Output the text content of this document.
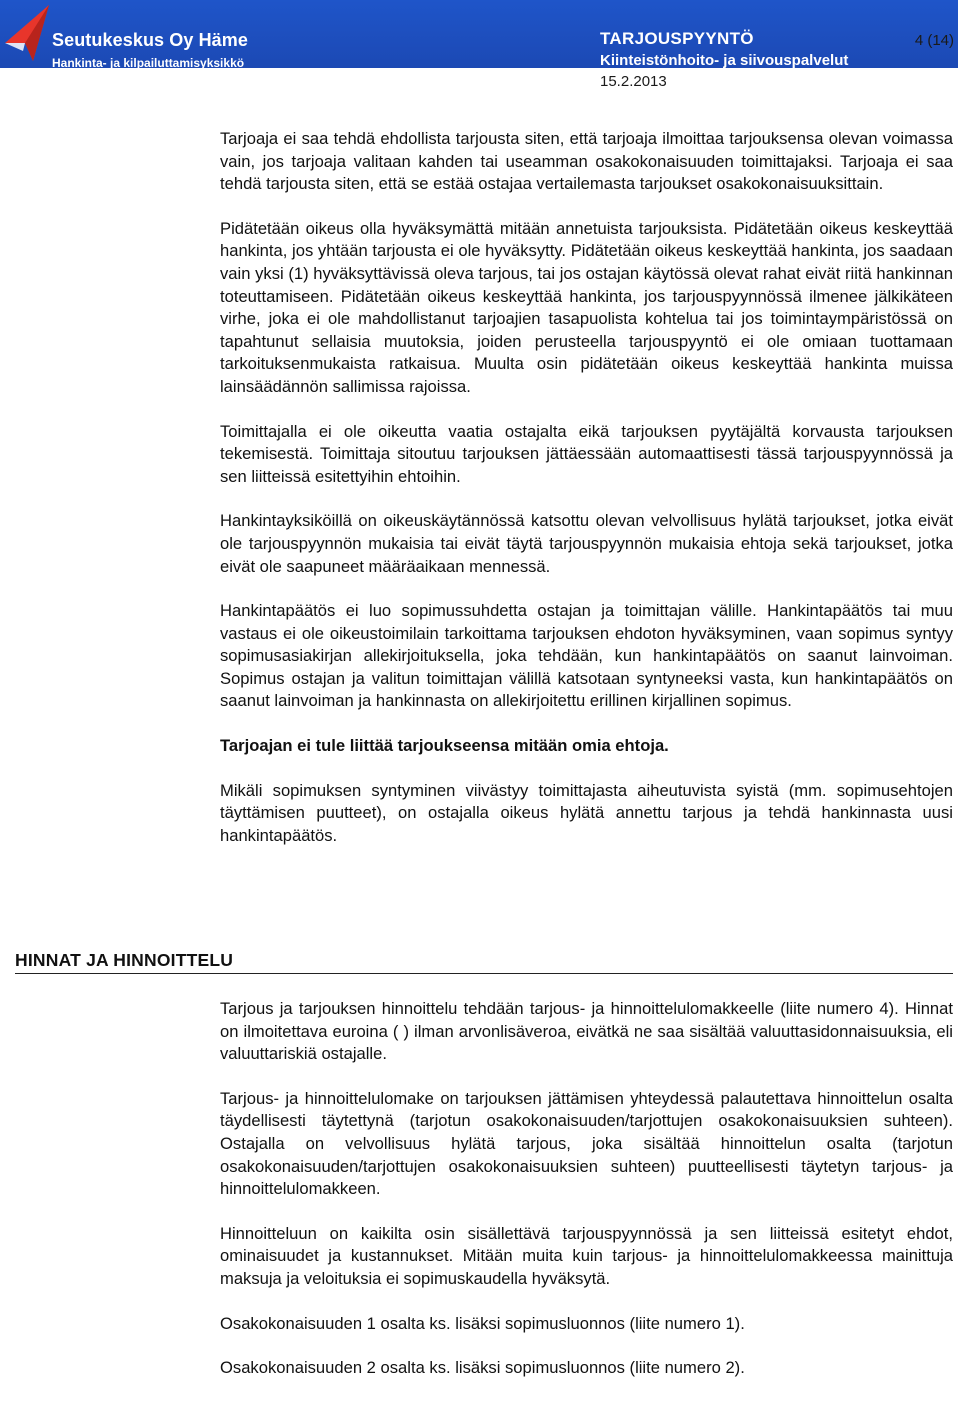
Seutukeskus Oy Häme
Hankinta- ja kilpailuttamisyksikkö
TARJOUSPYYNTÖ
Kiinteistönhoito- ja siivouspalvelut
15.2.2013
4 (14)

Tarjoaja ei saa tehdä ehdollista tarjousta siten, että tarjoaja ilmoittaa tarjouksensa olevan voimassa vain, jos tarjoaja valitaan kahden tai useamman osakokonaisuuden toimittajaksi. Tarjoaja ei saa tehdä tarjousta siten, että se estää ostajaa vertailemasta tarjoukset osakokonaisuuksittain.

Pidätetään oikeus olla hyväksymättä mitään annetuista tarjouksista. Pidätetään oikeus keskeyttää hankinta, jos yhtään tarjousta ei ole hyväksytty. Pidätetään oikeus keskeyttää hankinta, jos saadaan vain yksi (1) hyväksyttävissä oleva tarjous, tai jos ostajan käytössä olevat rahat eivät riitä hankinnan toteuttamiseen. Pidätetään oikeus keskeyttää hankinta, jos tarjouspyynnössä ilmenee jälkikäteen virhe, joka ei ole mahdollistanut tarjoajien tasapuolista kohtelua tai jos toimintaympäristössä on tapahtunut sellaisia muutoksia, joiden perusteella tarjouspyyntö ei ole omiaan tuottamaan tarkoituksenmukaista ratkaisua. Muulta osin pidätetään oikeus keskeyttää hankinta muissa lainsäädännön sallimissa rajoissa.

Toimittajalla ei ole oikeutta vaatia ostajalta eikä tarjouksen pyytäjältä korvausta tarjouksen tekemisestä. Toimittaja sitoutuu tarjouksen jättäessään automaattisesti tässä tarjouspyynnössä ja sen liitteissä esitettyihin ehtoihin.

Hankintayksiköillä on oikeuskäytännössä katsottu olevan velvollisuus hylätä tarjoukset, jotka eivät ole tarjouspyynnön mukaisia tai eivät täytä tarjouspyynnön mukaisia ehtoja sekä tarjoukset, jotka eivät ole saapuneet määräaikaan mennessä.

Hankintapäätös ei luo sopimussuhdetta ostajan ja toimittajan välille. Hankintapäätös tai muu vastaus ei ole oikeustoimilain tarkoittama tarjouksen ehdoton hyväksyminen, vaan sopimus syntyy sopimusasiakirjan allekirjoituksella, joka tehdään, kun hankintapäätös on saanut lainvoiman. Sopimus ostajan ja valitun toimittajan välillä katsotaan syntyneeksi vasta, kun hankintapäätös on saanut lainvoiman ja hankinnasta on allekirjoitettu erillinen kirjallinen sopimus.

Tarjoajan ei tule liittää tarjoukseensa mitään omia ehtoja.

Mikäli sopimuksen syntyminen viivästyy toimittajasta aiheutuvista syistä (mm. sopimusehtojen täyttämisen puutteet), on ostajalla oikeus hylätä annettu tarjous ja tehdä hankinnasta uusi hankintapäätös.

HINNAT JA HINNOITTELU

Tarjous ja tarjouksen hinnoittelu tehdään tarjous- ja hinnoittelulomakkeelle (liite numero 4). Hinnat on ilmoitettava euroina ( ) ilman arvonlisäveroa, eivätkä ne saa sisältää valuuttasidonnaisuuksia, eli valuuttariskiä ostajalle.

Tarjous- ja hinnoittelulomake on tarjouksen jättämisen yhteydessä palautettava hinnoittelun osalta täydellisesti täytettynä (tarjotun osakokonaisuuden/tarjottujen osakokonaisuuksien suhteen). Ostajalla on velvollisuus hylätä tarjous, joka sisältää hinnoittelun osalta (tarjotun osakokonaisuuden/tarjottujen osakokonaisuuksien suhteen) puutteellisesti täytetyn tarjous- ja hinnoittelulomakkeen.

Hinnoitteluun on kaikilta osin sisällettävä tarjouspyynnössä ja sen liitteissä esitetyt ehdot, ominaisuudet ja kustannukset. Mitään muita kuin tarjous- ja hinnoittelulomakkeessa mainittuja maksuja ja veloituksia ei sopimuskaudella hyväksytä.

Osakokonaisuuden 1 osalta ks. lisäksi sopimusluonnos (liite numero 1).

Osakokonaisuuden 2 osalta ks. lisäksi sopimusluonnos (liite numero 2).
